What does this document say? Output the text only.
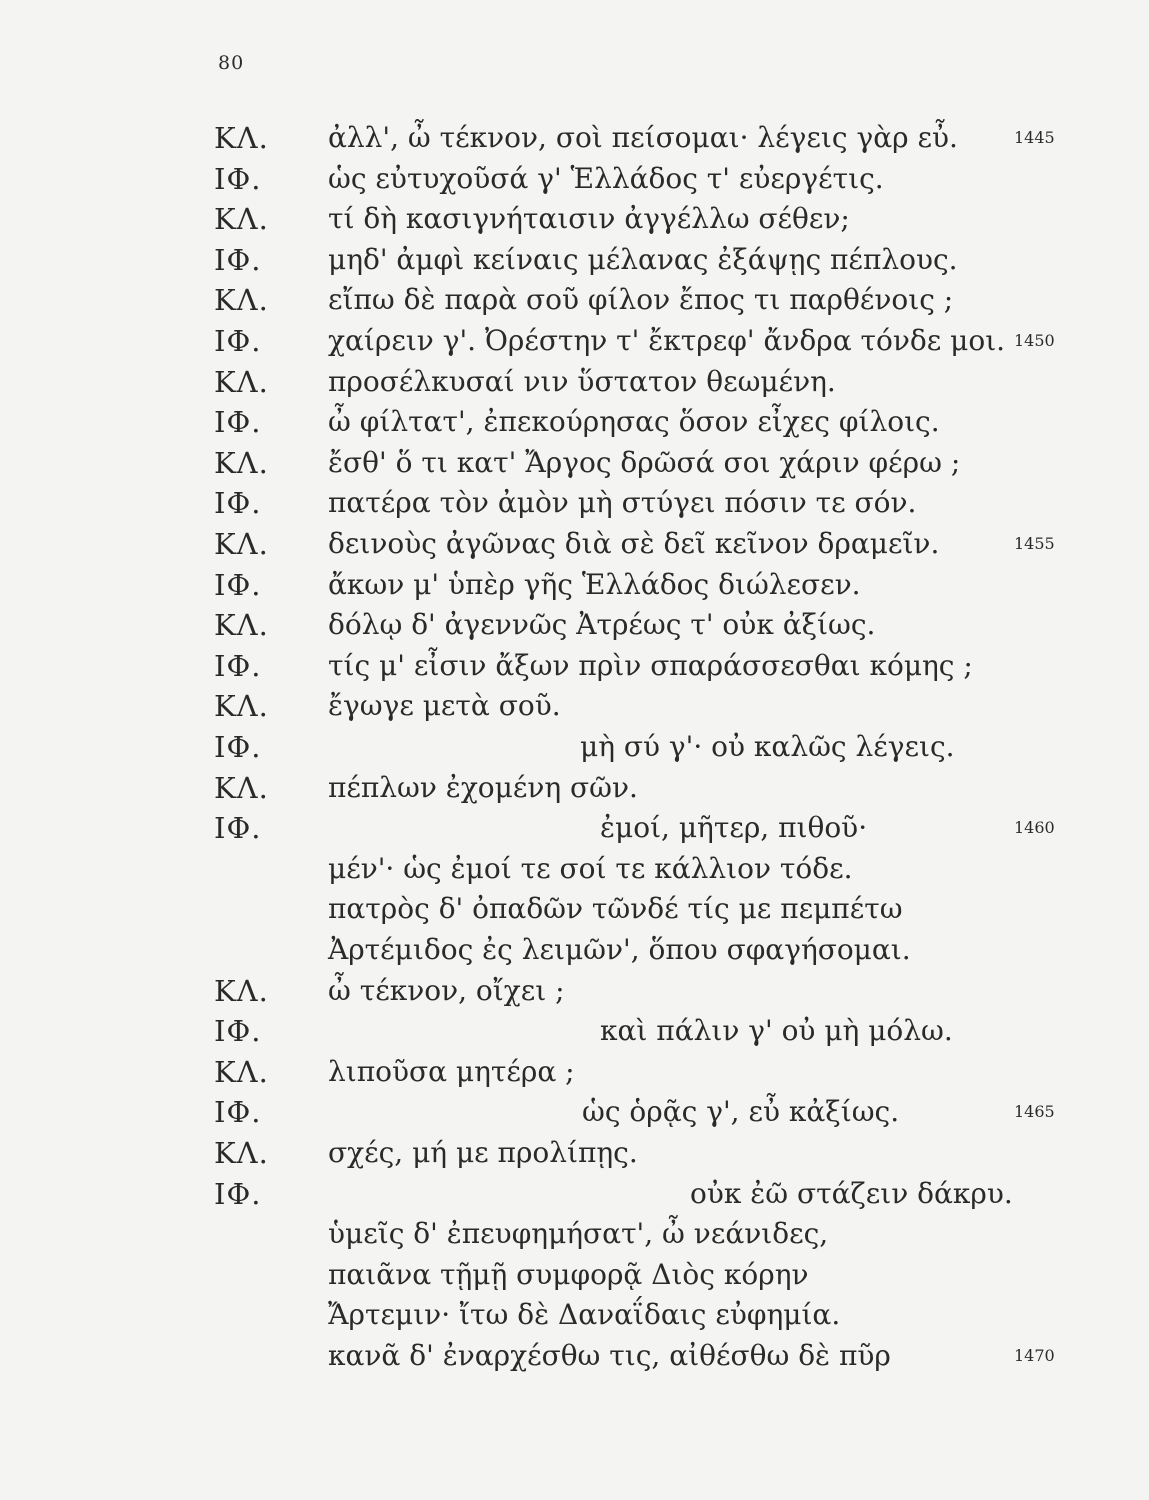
80
ΚΛ. ἀλλ', ὦ τέκνον, σοὶ πείσομαι· λέγεις γὰρ εὖ.	1445
ΙΦ. ὡς εὐτυχοῦσά γ' Ἑλλάδος τ' εὐεργέτις.
ΚΛ. τί δὴ κασιγνήταισιν ἀγγέλλω σέθεν;
ΙΦ. μηδ' ἀμφὶ κείναις μέλανας ἐξάψῃς πέπλους.
ΚΛ. εἴπω δὲ παρὰ σοῦ φίλον ἔπος τι παρθένοις ;
ΙΦ. χαίρειν γ'. Ὀρέστην τ' ἔκτρεφ' ἄνδρα τόνδε μοι. 1450
ΚΛ. προσέλκυσαί νιν ὕστατον θεωμένη.
ΙΦ. ὦ φίλτατ', ἐπεκούρησας ὅσον εἶχες φίλοις.
ΚΛ. ἔσθ' ὅ τι κατ' Ἄργος δρῶσά σοι χάριν φέρω ;
ΙΦ. πατέρα τὸν ἀμὸν μὴ στύγει πόσιν τε σόν.
ΚΛ. δεινοὺς ἀγῶνας διὰ σὲ δεῖ κεῖνον δραμεῖν.	1455
ΙΦ. ἄκων μ' ὑπὲρ γῆς Ἑλλάδος διώλεσεν.
ΚΛ. δόλῳ δ' ἀγεννῶς Ἀτρέως τ' οὐκ ἀξίως.
ΙΦ. τίς μ' εἶσιν ἄξων πρὶν σπαράσσεσθαι κόμης ;
ΚΛ. ἔγωγε μετὰ σοῦ.
ΙΦ.	μὴ σύ γ'· οὐ καλῶς λέγεις.
ΚΛ. πέπλων ἐχομένη σῶν.
ΙΦ.	ἐμοί, μῆτερ, πιθοῦ·	1460
μέν'· ὡς ἐμοί τε σοί τε κάλλιον τόδε.
πατρὸς δ' ὀπαδῶν τῶνδέ τίς με πεμπέτω
Ἀρτέμιδος ἐς λειμῶν', ὅπου σφαγήσομαι.
ΚΛ. ὦ τέκνον, οἴχει ;
ΙΦ.	καὶ πάλιν γ' οὐ μὴ μόλω.
ΚΛ. λιποῦσα μητέρα ;
ΙΦ.	ὡς ὁρᾷς γ', εὖ κἀξίως.	1465
ΚΛ. σχές, μή με προλίπῃς.
ΙΦ.	οὐκ ἐῶ στάζειν δάκρυ.
ὑμεῖς δ' ἐπευφημήσατ', ὦ νεάνιδες,
παιᾶνα τῇμῇ συμφορᾷ Διὸς κόρην
Ἄρτεμιν· ἴτω δὲ Δαναΐδαις εὐφημία.
κανᾶ δ' ἐναρχέσθω τις, αἰθέσθω δὲ πῦρ	1470
